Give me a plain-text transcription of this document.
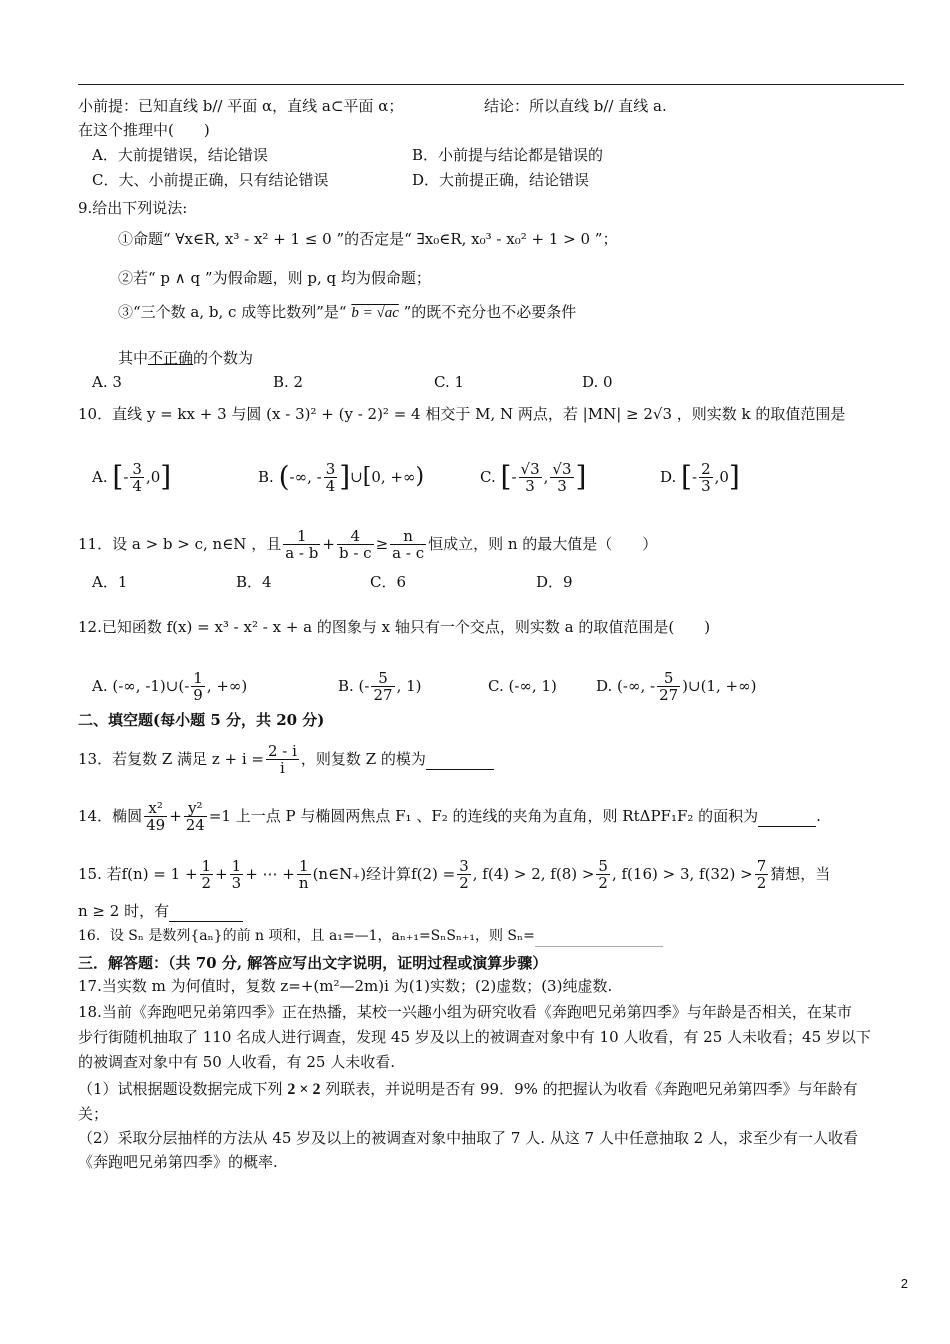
小前提：已知直线 b// 平面 α，直线 a⊂平面 α；	结论：所以直线 b// 直线 a.
在这个推理中(　　)
A．大前提错误，结论错误	B．小前提与结论都是错误的
C．大、小前提正确，只有结论错误	D．大前提正确，结论错误
9.给出下列说法:
①命题“ ∀x∈R, x³ - x² + 1 ≤ 0 ”的否定是“ ∃x₀∈R, x₀³ - x₀² + 1 > 0 ”；
②若“ p ∧ q ”为假命题，则 p, q 均为假命题；
③“三个数 a, b, c 成等比数列”是“ b = √ac ”的既不充分也不必要条件
其中不正确的个数为
A. 3	B. 2	C. 1	D. 0
10．直线 y = kx + 3 与圆 (x - 3)² + (y - 2)² = 4 相交于 M, N 两点，若 |MN| ≥ 2√3 ，则实数 k 的取值范围是
A.
[ - $\frac{3}{4} ,0$ ]	B.
( -∞, - $\frac{3}{4}$ ] ∪ [ 0, +∞ )	C.
[ - $\frac{√3}{3}$ , $\frac{√3}{3}$ ]	D.
[ - $\frac{2}{3} ,0$ ]
11．设 a > b > c, n∈N ，且 $\frac{1}{a - b} + \frac{4}{b - c} \ge \frac{n}{a - c}$ 恒成立，则 n 的最大值是（　　）
A．1	B．4	C．6	D．9
12.已知函数 f(x) = x³ - x² - x + a 的图象与 x 轴只有一个交点，则实数 a 的取值范围是(　　)
A. (-∞, -1)∪(- $\frac{1}{9}$ , +∞)	B. (- $\frac{5}{27}$ , 1)	C. (-∞, 1)	D. (-∞, - $\frac{5}{27}$ )∪(1, +∞)
二、填空题(每小题 5 分，共 20 分)
13．若复数 Z 满足 $z + i = \frac{2 - i}{i}$ ，则复数 Z 的模为

14．椭圆 $\frac{\text{x²}}{49} + \frac{\text{y²}}{24} =1$ 上一点 P 与椭圆两焦点 F₁ 、F₂ 的连线的夹角为直角，则 RtΔPF₁F₂ 的面积为
	.
15. 若$f(n) = 1 + \frac{1}{2} + \frac{1}{3}$ + ⋯ + $\frac{1}{n}$ (n∈N₊)经计算$f(2) = \frac{3}{2}$ , f(4) > 2, $f(8) > \frac{5}{2}$ , f(16) > 3, $f(32) > \frac{7}{2}$ 猜想，当
n ≥ 2 时，有
16．设 Sₙ 是数列{aₙ}的前 n 项和，且 a₁=—1，aₙ₊₁=SₙSₙ₊₁，则 Sₙ=
三．解答题：（共 70 分, 解答应写出文字说明，证明过程或演算步骤）
17.当实数 m 为何值时，复数 z=+(m²—2m)i 为(1)实数；(2)虚数；(3)纯虚数.
18.当前《奔跑吧兄弟第四季》正在热播，某校一兴趣小组为研究收看《奔跑吧兄弟第四季》与年龄是否相关，在某市
步行街随机抽取了 110 名成人进行调查，发现 45 岁及以上的被调查对象中有 10 人收看，有 25 人未收看；45 岁以下
的被调查对象中有 50 人收看，有 25 人未收看.
（1）试根据题设数据完成下列 2 × 2 列联表，并说明是否有 99．9% 的把握认为收看《奔跑吧兄弟第四季》与年龄有
关；
（2）采取分层抽样的方法从 45 岁及以上的被调查对象中抽取了 7 人. 从这 7 人中任意抽取 2 人，求至少有一人收看
《奔跑吧兄弟第四季》的概率.
2
